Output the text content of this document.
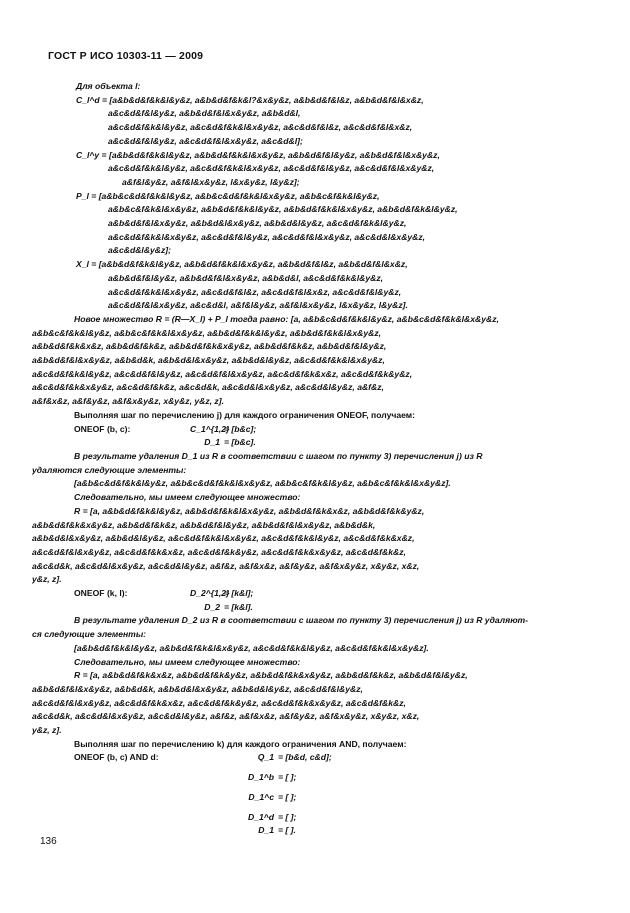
ГОСТ Р ИСО 10303-11 — 2009
Для объекта l:
C_l^d = [a&b&d&f&k&l&y&z, a&b&d&f&k&l?&x&y&z, a&b&d&f&l&z, a&b&d&f&l&x&z,
a&c&d&f&l&y&z, a&b&d&f&l&x&y&z, a&b&d&l,
a&c&d&f&k&l&y&z, a&c&d&f&k&l&x&y&z, a&c&d&f&l&z, a&c&d&f&l&x&z,
a&c&d&f&l&y&z, a&c&d&f&l&x&y&z, a&c&d&l];
C_l^y = [a&b&d&f&k&l&y&z, a&b&d&f&k&l&x&y&z, a&b&d&f&l&y&z, a&b&d&f&l&x&y&z,
a&c&d&f&k&l&y&z, a&c&d&f&k&l&x&y&z, a&c&d&f&l&y&z, a&c&d&f&l&x&y&z,
a&f&l&y&z, a&f&l&x&y&z, l&x&y&z, l&y&z];
P_l = [a&b&c&d&f&k&l&y&z, a&b&c&d&f&k&l&x&y&z, a&b&c&f&k&l&y&z,
a&b&c&f&k&l&x&y&z, a&b&d&f&k&l&y&z, a&b&d&f&k&l&x&y&z, a&b&d&f&k&l&y&z,
a&b&d&f&l&x&y&z, a&b&d&l&x&y&z, a&b&d&l&y&z, a&c&d&f&k&l&y&z,
a&c&d&f&k&l&x&y&z, a&c&d&f&l&y&z, a&c&d&f&l&x&y&z, a&c&d&l&x&y&z,
a&c&d&l&y&z];
X_l = [a&b&d&f&k&l&y&z, a&b&d&f&k&l&x&y&z, a&b&d&f&l&z, a&b&d&f&l&x&z,
a&b&d&f&l&y&z, a&b&d&f&l&x&y&z, a&b&d&l, a&c&d&f&k&l&y&z,
a&c&d&f&k&l&x&y&z, a&c&d&f&l&z, a&c&d&f&l&x&z, a&c&d&f&l&y&z,
a&c&d&f&l&x&y&z, a&c&d&l, a&f&l&y&z, a&f&l&x&y&z, l&x&y&z, l&y&z].
Новое множество R = (R—X_l) + P_l тогда равно: [a, a&b&c&d&f&k&l&y&z, a&b&c&d&f&k&l&x&y&z,
a&b&c&f&k&l&y&z, a&b&c&f&k&l&x&y&z, a&b&d&f&k&l&y&z, a&b&d&f&k&l&x&y&z,
a&b&d&f&k&x&z, a&b&d&f&k&z, a&b&d&f&k&x&y&z, a&b&d&f&k&z, a&b&d&f&l&y&z,
a&b&d&f&l&x&y&z, a&b&d&k, a&b&d&l&x&y&z, a&b&d&l&y&z, a&c&d&f&k&l&x&y&z,
a&c&d&f&k&l&y&z, a&c&d&f&l&y&z, a&c&d&f&l&x&y&z, a&c&d&f&k&x&z, a&c&d&f&k&y&z,
a&c&d&f&k&x&y&z, a&c&d&f&k&z, a&c&d&k, a&c&d&l&x&y&z, a&c&d&l&y&z, a&f&z,
a&f&x&z, a&f&y&z, a&f&x&y&z, x&y&z, y&z, z].
Выполняя шаг по перечислению j) для каждого ограничения ONEOF, получаем:
ONEOF (b, c):	C_1^{1,2}= [b&c];
D_1 = [b&c].
В результате удаления D_1 из R в соответствии с шагом по пункту 3) перечисления j) из R
удаляются следующие элементы:
[a&b&c&d&f&k&l&y&z, a&b&c&d&f&k&l&x&y&z, a&b&c&f&k&l&y&z, a&b&c&f&k&l&x&y&z].
Следовательно, мы имеем следующее множество:
R = [a, a&b&d&f&k&l&y&z, a&b&d&f&k&l&x&y&z, a&b&d&f&k&x&z, a&b&d&f&k&y&z,
a&b&d&f&k&x&y&z, a&b&d&f&k&z, a&b&d&f&l&y&z, a&b&d&f&l&x&y&z, a&b&d&k,
a&b&d&l&x&y&z, a&b&d&l&y&z, a&c&d&f&k&l&x&y&z, a&c&d&f&k&l&y&z, a&c&d&f&k&x&z,
a&c&d&f&l&x&y&z, a&c&d&f&k&x&z, a&c&d&f&k&y&z, a&c&d&f&k&x&y&z, a&c&d&f&k&z,
a&c&d&k, a&c&d&l&x&y&z, a&c&d&l&y&z, a&f&z, a&f&x&z, a&f&y&z, a&f&x&y&z, x&y&z, x&z,
y&z, z].
ONEOF (k, l):	D_2^{1,2}= [k&l];
D_2 = [k&l].
В результате удаления D_2 из R в соответствии с шагом по пункту 3) перечисления j) из R удаляют-
ся следующие элементы:
[a&b&d&f&k&l&y&z, a&b&d&f&k&l&x&y&z, a&c&d&f&k&l&y&z, a&c&d&f&k&l&x&y&z].
Следовательно, мы имеем следующее множество:
R = [a, a&b&d&f&k&x&z, a&b&d&f&k&y&z, a&b&d&f&k&x&y&z, a&b&d&f&k&z, a&b&d&f&l&y&z,
a&b&d&f&l&x&y&z, a&b&d&k, a&b&d&l&x&y&z, a&b&d&l&y&z, a&c&d&f&l&y&z,
a&c&d&f&l&x&y&z, a&c&d&f&k&x&z, a&c&d&f&k&y&z, a&c&d&f&k&x&y&z, a&c&d&f&k&z,
a&c&d&k, a&c&d&l&x&y&z, a&c&d&l&y&z, a&f&z, a&f&x&z, a&f&y&z, a&f&x&y&z, x&y&z, x&z,
y&z, z].
Выполняя шаг по перечислению k) для каждого ограничения AND, получаем:
ONEOF (b, c) AND d:	Q_1 = [b&d, c&d];
D_1^b = [ ];
D_1^c = [ ];
D_1^d = [ ];
D_1 = [ ].
136
